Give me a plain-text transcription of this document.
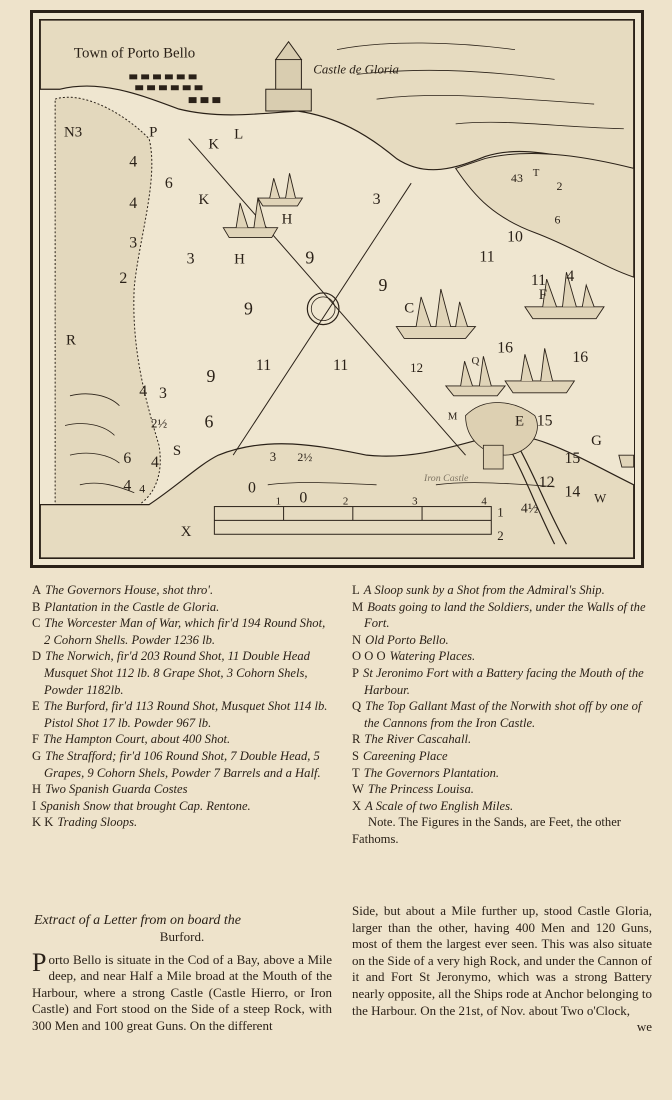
Town of Porto Bello
Castle de Gloria
Iron Castle
N3	P
K
L
K
H
H
C
Q
F
M	E
G
W
R
S
T
X
4
6
4
3
3
2
9
9
9
9
11	11
3
10
11
11 4
12
16
16
4 3
2½ 6
6 4
4 4
3 2½
0
0
15
15
12
14
4½
43
2
6
1	2	3	4
1
2
A The Governors House, shot thro'.
B Plantation in the Castle de Gloria.
C The Worcester Man of War, which fir'd 194 Round Shot, 2 Cohorn Shells. Powder 1236 lb.
D The Norwich, fir'd 203 Round Shot, 11 Double Head Musquet Shot 112 lb. 8 Grape Shot, 3 Cohorn Shels, Powder 1182lb.
E The Burford, fir'd 113 Round Shot, Musquet Shot 114 lb. Pistol Shot 17 lb. Powder 967 lb.
F The Hampton Court, about 400 Shot.
G The Strafford; fir'd 106 Round Shot, 7 Double Head, 5 Grapes, 9 Cohorn Shels, Powder 7 Barrels and a Half.
H Two Spanish Guarda Costes
I Spanish Snow that brought Cap. Rentone.
K K Trading Sloops.
L A Sloop sunk by a Shot from the Admiral's Ship.
M Boats going to land the Soldiers, under the Walls of the Fort.
N Old Porto Bello.
O O O Watering Places.
P St Jeronimo Fort with a Battery facing the Mouth of the Harbour.
Q The Top Gallant Mast of the Norwith shot off by one of the Cannons from the Iron Castle.
R The River Cascahall.
S Careening Place
T The Governors Plantation.
W The Princess Louisa.
X A Scale of two English Miles.
Note. The Figures in the Sands, are Feet, the other Fathoms.
Extract of a Letter from on board the
Burford.
Porto Bello is situate in the Cod of a Bay, above a Mile deep, and near Half a Mile broad at the Mouth of the Harbour, where a strong Castle (Castle Hierro, or Iron Castle) and Fort stood on the Side of a steep Rock, with 300 Men and 100 great Guns. On the different
Side, but about a Mile further up, stood Castle Gloria, larger than the other, having 400 Men and 120 Guns, most of them the largest ever seen. This was also situate on the Side of a very high Rock, and under the Cannon of it and Fort St Jeronymo, which was a strong Battery nearly opposite, all the Ships rode at Anchor belonging to the Harbour. On the 21st, of Nov. about Two o'Clock,
we
